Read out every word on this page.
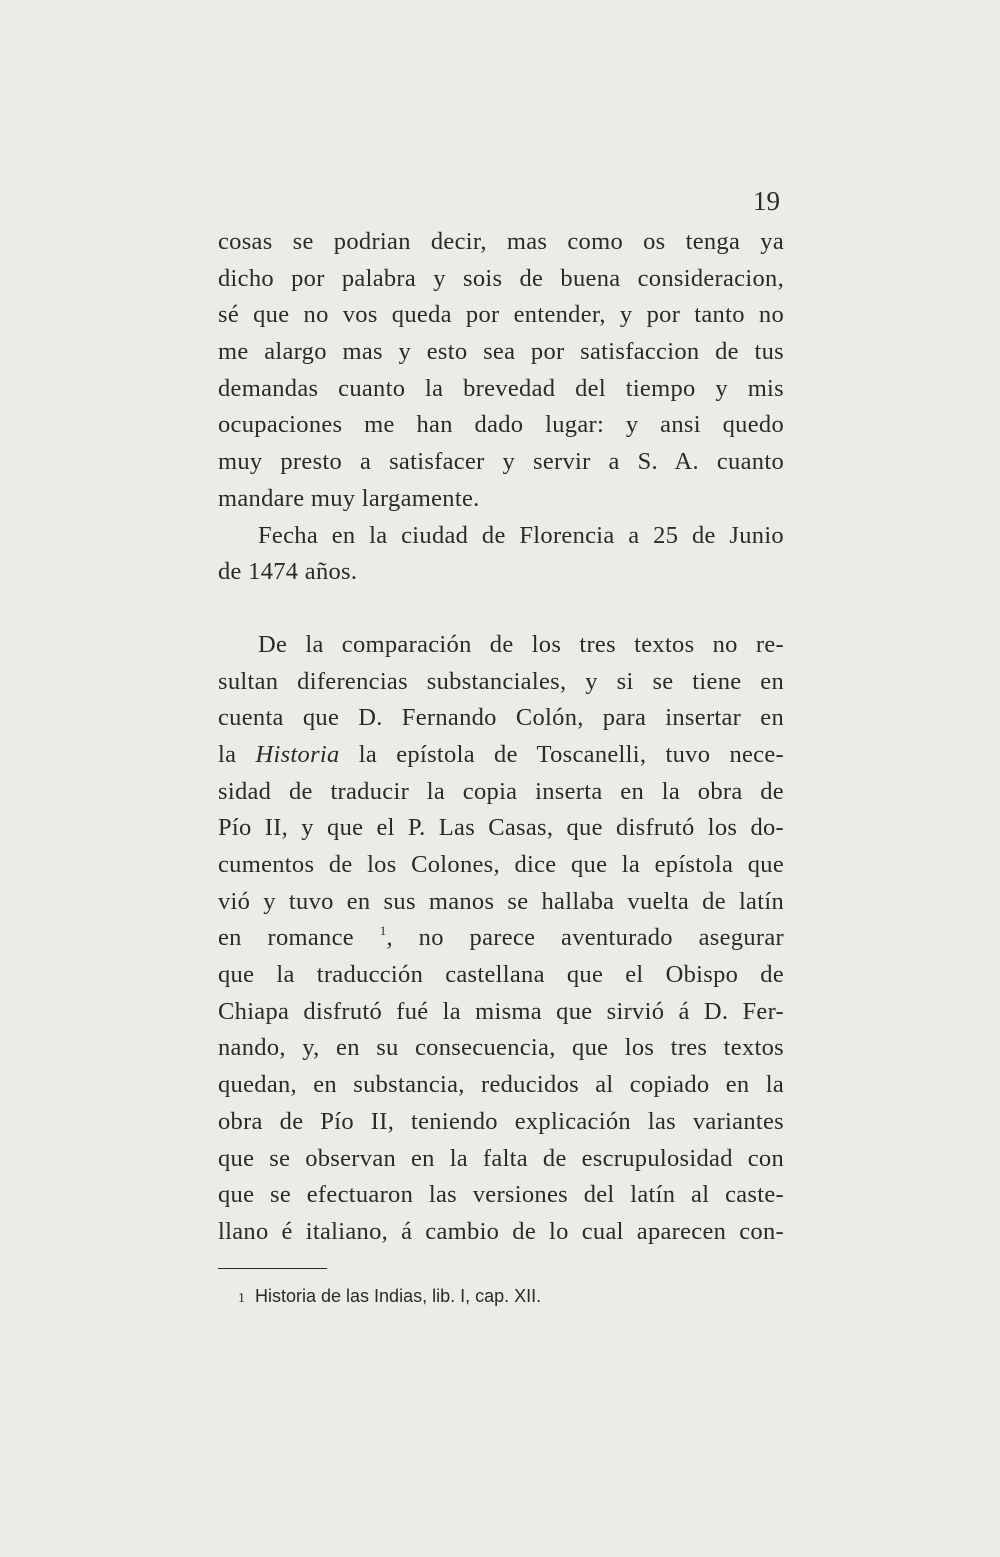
19
cosas se podrian decir, mas como os tenga ya
dicho por palabra y sois de buena consideracion,
sé que no vos queda por entender, y por tanto no
me alargo mas y esto sea por satisfaccion de tus
demandas cuanto la brevedad del tiempo y mis
ocupaciones me han dado lugar: y ansi quedo
muy presto a satisfacer y servir a S. A. cuanto
mandare muy largamente.
Fecha en la ciudad de Florencia a 25 de Junio
de 1474 años.
De la comparación de los tres textos no re-
sultan diferencias substanciales, y si se tiene en
cuenta que D. Fernando Colón, para insertar en
la Historia la epístola de Toscanelli, tuvo nece-
sidad de traducir la copia inserta en la obra de
Pío II, y que el P. Las Casas, que disfrutó los do-
cumentos de los Colones, dice que la epístola que
vió y tuvo en sus manos se hallaba vuelta de latín
en romance $^1$, no parece aventurado asegurar
que la traducción castellana que el Obispo de
Chiapa disfrutó fué la misma que sirvió á D. Fer-
nando, y, en su consecuencia, que los tres textos
quedan, en substancia, reducidos al copiado en la
obra de Pío II, teniendo explicación las variantes
que se observan en la falta de escrupulosidad con
que se efectuaron las versiones del latín al caste-
llano é italiano, á cambio de lo cual aparecen con-
1 Historia de las Indias, lib. I, cap. XII.
